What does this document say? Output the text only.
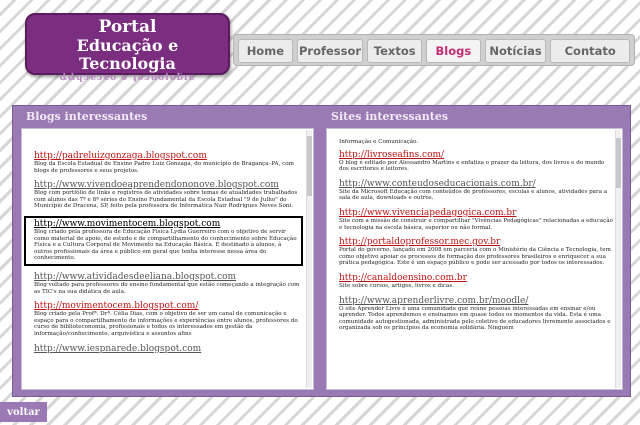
Portal
Educação e Tecnologia
ȡȡɥɔɐɔɐo ə ʇəɔuoloƃıɐ
Home	Professor	Textos	Blogs	Notícias	Contato
Blogs interessantes	Sites interessantes
http://padreluizgonzaga.blogspot.com
Blog da Escola Estadual de Ensino Padre Luiz Gonzaga, do município de Bragança–PA, com blogs de professores e seus projetos.
http://www.vivendoeaprendendononove.blogspot.com
Blog com portfólio de links e registros de atividades sobre temas de atualidades trabalhados com alunos das 7ª e 8ª séries do Ensino Fundamental da Escola Estadual "9 de Julho" do Município de Dracena, SP, feito pela professora de Informática Nair Rodrigues Neves Soni.
http://www.movimentocem.blogspot.com
Blog criado pela professora de Educação Física Lydia Guerreiro com o objetivo de servir como material de apoio, de estudo e de compartilhamento do conhecimento sobre Educação Física e a Cultura Corporal de Movimento na Educação Básica. É destinado à alunos, à outros profissionais da área e público em geral que tenha interesse nessa área do conhecimento.
http://www.atividadesdeeliana.blogspot.com
Blog voltado para professores do ensino fundamental que estão começando a integração com as TIC's na sua didática de aula.
http://movimentocem.blogspot.com/
Blog criado pela Profª. Drª. Célia Dias, com o objetivo de ser um canal de comunicação e espaço para o compartilhamento de informações e experiências entre alunos, professores do curso de biblioteconomia, profissionais e todos os interessados em gestão da informação/conhecimento, arquivística e assuntos afins
http://www.iespnarede.blogspot.com
Informação e Comunicação.
http://livroseafins.com/
O blog é editado por Alessandro Martins e enfatiza o prazer da leitura, dos livros e do mundo dos escritores e leitores.
http://www.conteudoseducacionais.com.br/
Site da Microsoft Educação com conteúdos de professores, escolas e alunos, atividades para a sala de aula, downloads e outros.
http://www.vivenciapedagogica.com.br
Site com a missão de construir e compartilhar "Vivências Pedagógicas" relacionadas a educação e tecnologia na escola básica, superior ou não formal.
http://portaldoprofessor.mec.gov.br
Portal do governo, lançado em 2008 em parceria com o Ministério da Ciência e Tecnologia, tem como objetivo apoiar os processos de formação dos professores brasileiros e enriquecer a sua prática pedagógica. Este é um espaço público e pode ser acessado por todos os interessados.
http://canaldoensino.com.br
Site sobre cursos, artigos, livros e dicas.
http://www.aprenderlivre.com.br/moodle/
O site Aprender Livre é uma comunidade que reúne pessoas interessadas em ensinar e/ou aprender. Todos aprendemos e ensinamos em quase todos os momentos da vida. Esta é uma comunidade autogestionada, administrada pelo coletivo de educadores livremente associados e organizada sob os princípios da economia solidária. Ninguém
voltar
